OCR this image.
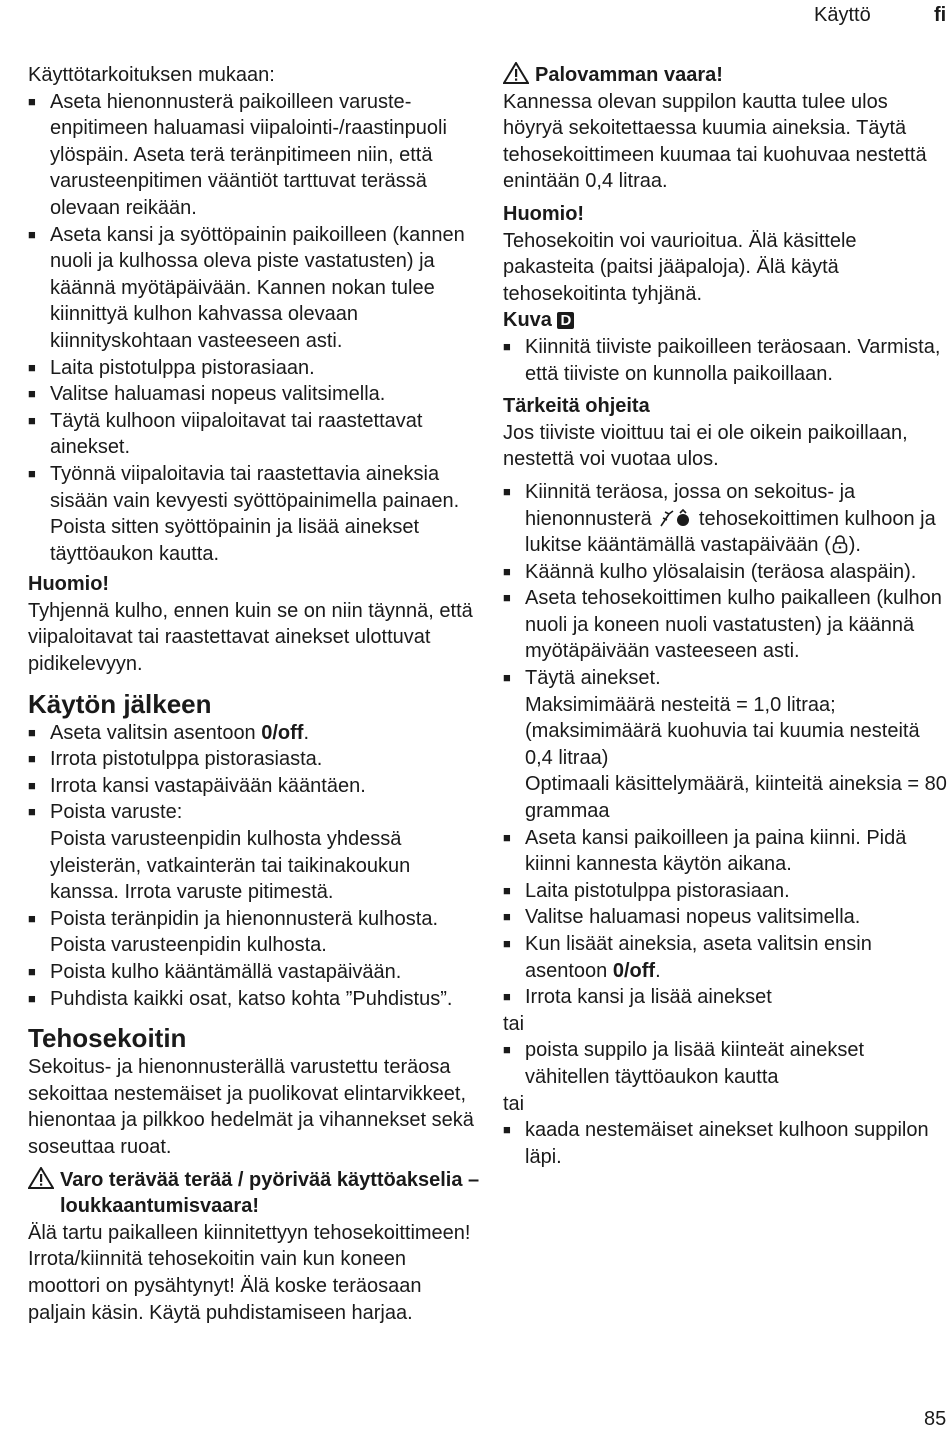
Käyttö	fi

Käyttötarkoituksen mukaan:

■ Aseta hienonnusterä paikoilleen varusteenpitimeen haluamasi viipalointi-/raastinpuoli ylöspäin. Aseta terä teränpitimeen niin, että varusteenpitimen vääntiöt tarttuvat terässä olevaan reikään.
■ Aseta kansi ja syöttöpainin paikoilleen (kannen nuoli ja kulhossa oleva piste vastatusten) ja käännä myötäpäivään. Kannen nokan tulee kiinnittyä kulhon kahvassa olevaan kiinnityskohtaan vasteeseen asti.
■ Laita pistotulppa pistorasiaan.
■ Valitse haluamasi nopeus valitsimella.
■ Täytä kulhoon viipaloitavat tai raastettavat ainekset.
■ Työnnä viipaloitavia tai raastettavia aineksia sisään vain kevyesti syöttöpainimella painaen. Poista sitten syöttöpainin ja lisää ainekset täyttöaukon kautta.

Huomio!

Tyhjennä kulho, ennen kuin se on niin täynnä, että viipaloitavat tai raastettavat ainekset ulottuvat pidikelevyyn.

Käytön jälkeen

■ Aseta valitsin asentoon 0/off.
■ Irrota pistotulppa pistorasiasta.
■ Irrota kansi vastapäivään kääntäen.
■ Poista varuste:
Poista varusteenpidin kulhosta yhdessä yleisterän, vatkainterän tai taikinakoukun kanssa. Irrota varuste pitimestä.
■ Poista teränpidin ja hienonnusterä kulhosta. Poista varusteenpidin kulhosta.
■ Poista kulho kääntämällä vastapäivään.
■ Puhdista kaikki osat, katso kohta ”Puhdistus”.

Tehosekoitin

Sekoitus- ja hienonnusterällä varustettu teräosa sekoittaa nestemäiset ja puolikovat elintarvikkeet, hienontaa ja pilkkoo hedelmät ja vihannekset sekä soseuttaa ruoat.

Varo terävää terää / pyörivää käyttöakselia – loukkaantumisvaara!

Älä tartu paikalleen kiinnitettyyn tehosekoittimeen! Irrota/kiinnitä tehosekoitin vain kun koneen moottori on pysähtynyt! Älä koske teräosaan paljain käsin. Käytä puhdistamiseen harjaa.

Palovamman vaara!

Kannessa olevan suppilon kautta tulee ulos höyryä sekoitettaessa kuumia aineksia. Täytä tehosekoittimeen kuumaa tai kuohuvaa nestettä enintään 0,4 litraa.

Huomio!

Tehosekoitin voi vaurioitua. Älä käsittele pakasteita (paitsi jääpaloja). Älä käytä tehosekoitinta tyhjänä.

Kuva D

■ Kiinnitä tiiviste paikoilleen teräosaan. Varmista, että tiiviste on kunnolla paikoillaan.

Tärkeitä ohjeita

Jos tiiviste vioittuu tai ei ole oikein paikoillaan, nestettä voi vuotaa ulos.

■ Kiinnitä teräosa, jossa on sekoitus- ja hienonnusterä  tehosekoittimen kulhoon ja lukitse kääntämällä vastapäivään ( ).
■ Käännä kulho ylösalaisin (teräosa alaspäin).
■ Aseta tehosekoittimen kulho paikalleen (kulhon nuoli ja koneen nuoli vastatusten) ja käännä myötäpäivään vasteeseen asti.
■ Täytä ainekset.
Maksimimäärä nesteitä = 1,0 litraa; (maksimimäärä kuohuvia tai kuumia nesteitä 0,4 litraa)
Optimaali käsittelymäärä, kiinteitä aineksia = 80 grammaa
■ Aseta kansi paikoilleen ja paina kiinni. Pidä kiinni kannesta käytön aikana.
■ Laita pistotulppa pistorasiaan.
■ Valitse haluamasi nopeus valitsimella.
■ Kun lisäät aineksia, aseta valitsin ensin asentoon 0/off.
■ Irrota kansi ja lisää ainekset

tai

■ poista suppilo ja lisää kiinteät ainekset vähitellen täyttöaukon kautta

tai

■ kaada nestemäiset ainekset kulhoon suppilon läpi.
85
